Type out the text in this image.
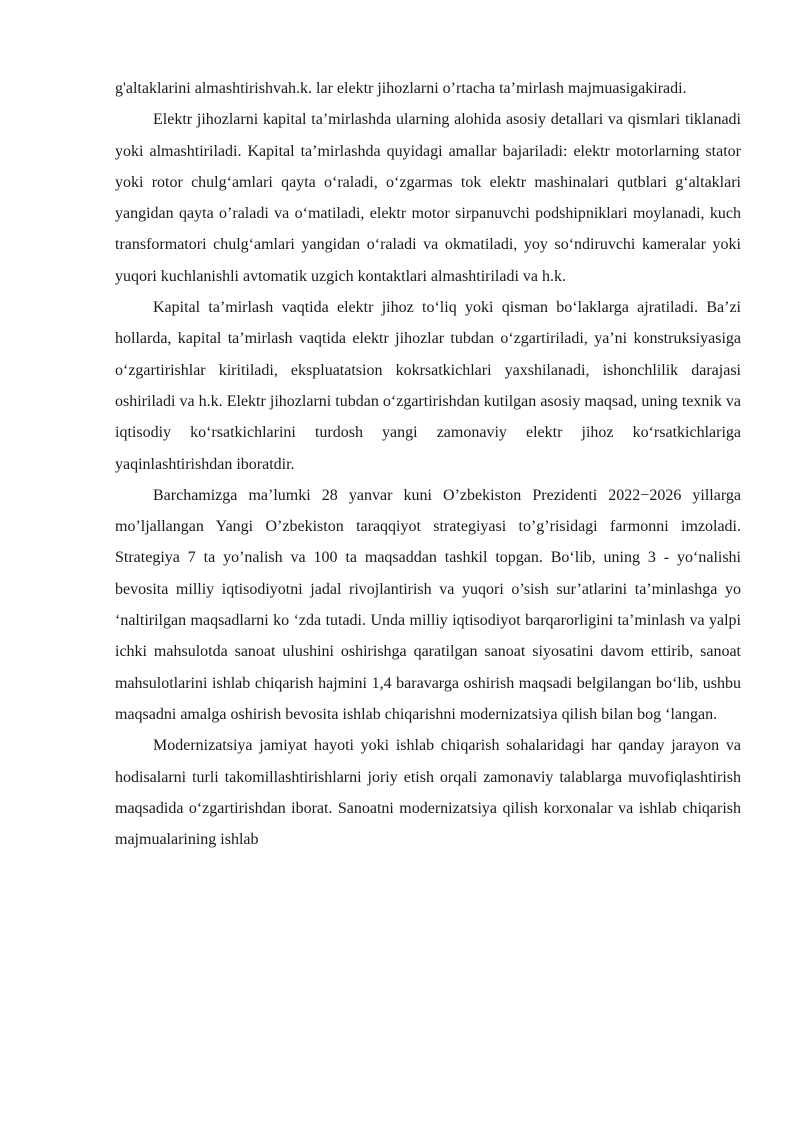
g'altaklarini almashtirishvah.k. lar elektr jihozlarni o’rtacha ta’mirlash majmuasigakiradi.

Elektr jihozlarni kapital ta’mirlashda ularning alohida asosiy detallari va qismlari tiklanadi yoki almashtiriladi. Kapital ta’mirlashda quyidagi amallar bajariladi: elektr motorlarning stator yoki rotor chulg‘amlari qayta o‘raladi, o‘zgarmas tok elektr mashinalari qutblari g‘altaklari yangidan qayta o’raladi va o‘matiladi, elektr motor sirpanuvchi podshipniklari moylanadi, kuch transformatori chulg‘amlari yangidan o‘raladi va okmatiladi, yoy so‘ndiruvchi kameralar yoki yuqori kuchlanishli avtomatik uzgich kontaktlari almashtiriladi va h.k.

Kapital ta’mirlash vaqtida elektr jihoz to‘liq yoki qisman bo‘laklarga ajratiladi. Ba’zi hollarda, kapital ta’mirlash vaqtida elektr jihozlar tubdan o‘zgartiriladi, ya’ni konstruksiyasiga o‘zgartirishlar kiritiladi, ekspluatatsion kokrsatkichlari yaxshilanadi, ishonchlilik darajasi oshiriladi va h.k. Elektr jihozlarni tubdan o‘zgartirishdan kutilgan asosiy maqsad, uning texnik va iqtisodiy ko‘rsatkichlarini turdosh yangi zamonaviy elektr jihoz ko‘rsatkichlariga yaqinlashtirishdan iboratdir.

Barchamizga ma’lumki 28 yanvar kuni O’zbekiston Prezidenti 2022−2026 yillarga mo’ljallangan Yangi O’zbekiston taraqqiyot strategiyasi to’g’risidagi farmonni imzoladi. Strategiya 7 ta yo’nalish va 100 ta maqsaddan tashkil topgan. Bo‘lib, uning 3 - yo‘nalishi bevosita milliy iqtisodiyotni jadal rivojlantirish va yuqori o’sish sur’atlarini ta’minlashga yo ‘naltirilgan maqsadlarni ko ‘zda tutadi. Unda milliy iqtisodiyot barqarorligini ta’minlash va yalpi ichki mahsulotda sanoat ulushini oshirishga qaratilgan sanoat siyosatini davom ettirib, sanoat mahsulotlarini ishlab chiqarish hajmini 1,4 baravarga oshirish maqsadi belgilangan bo‘lib, ushbu maqsadni amalga oshirish bevosita ishlab chiqarishni modernizatsiya qilish bilan bog ‘langan.

Modernizatsiya jamiyat hayoti yoki ishlab chiqarish sohalaridagi har qanday jarayon va hodisalarni turli takomillashtirishlarni joriy etish orqali zamonaviy talablarga muvofiqlashtirish maqsadida o‘zgartirishdan iborat. Sanoatni modernizatsiya qilish korxonalar va ishlab chiqarish majmualarining ishlab
